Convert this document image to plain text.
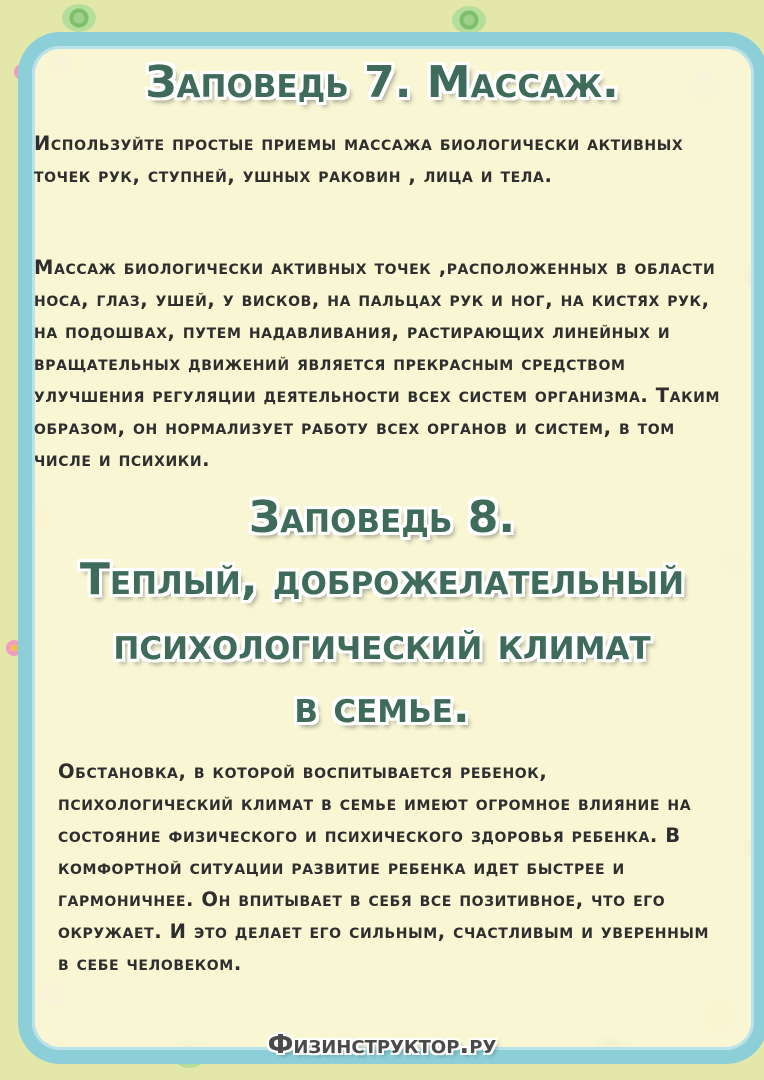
Заповедь 7. Массаж.

Используйте простые приемы массажа биологически активных точек рук, ступней, ушных раковин , лица и тела.

Массаж биологически активных точек ,расположенных в области носа, глаз, ушей, у висков, на пальцах рук и ног, на кистях рук, на подошвах, путем надавливания, растирающих линейных и вращательных движений является прекрасным средством улучшения регуляции деятельности всех систем организма. Таким образом, он нормализует работу всех органов и систем, в том числе и психики.

Заповедь 8.
Теплый, доброжелательный
психологический климат
в семье.

Обстановка, в которой воспитывается ребенок, психологический климат в семье имеют огромное влияние на состояние физического и психического здоровья ребенка. В комфортной ситуации развитие ребенка идет быстрее и гармоничнее. Он впитывает в себя все позитивное, что его окружает. И это делает его сильным, счастливым и уверенным в себе человеком.

Физинструктор.ру
